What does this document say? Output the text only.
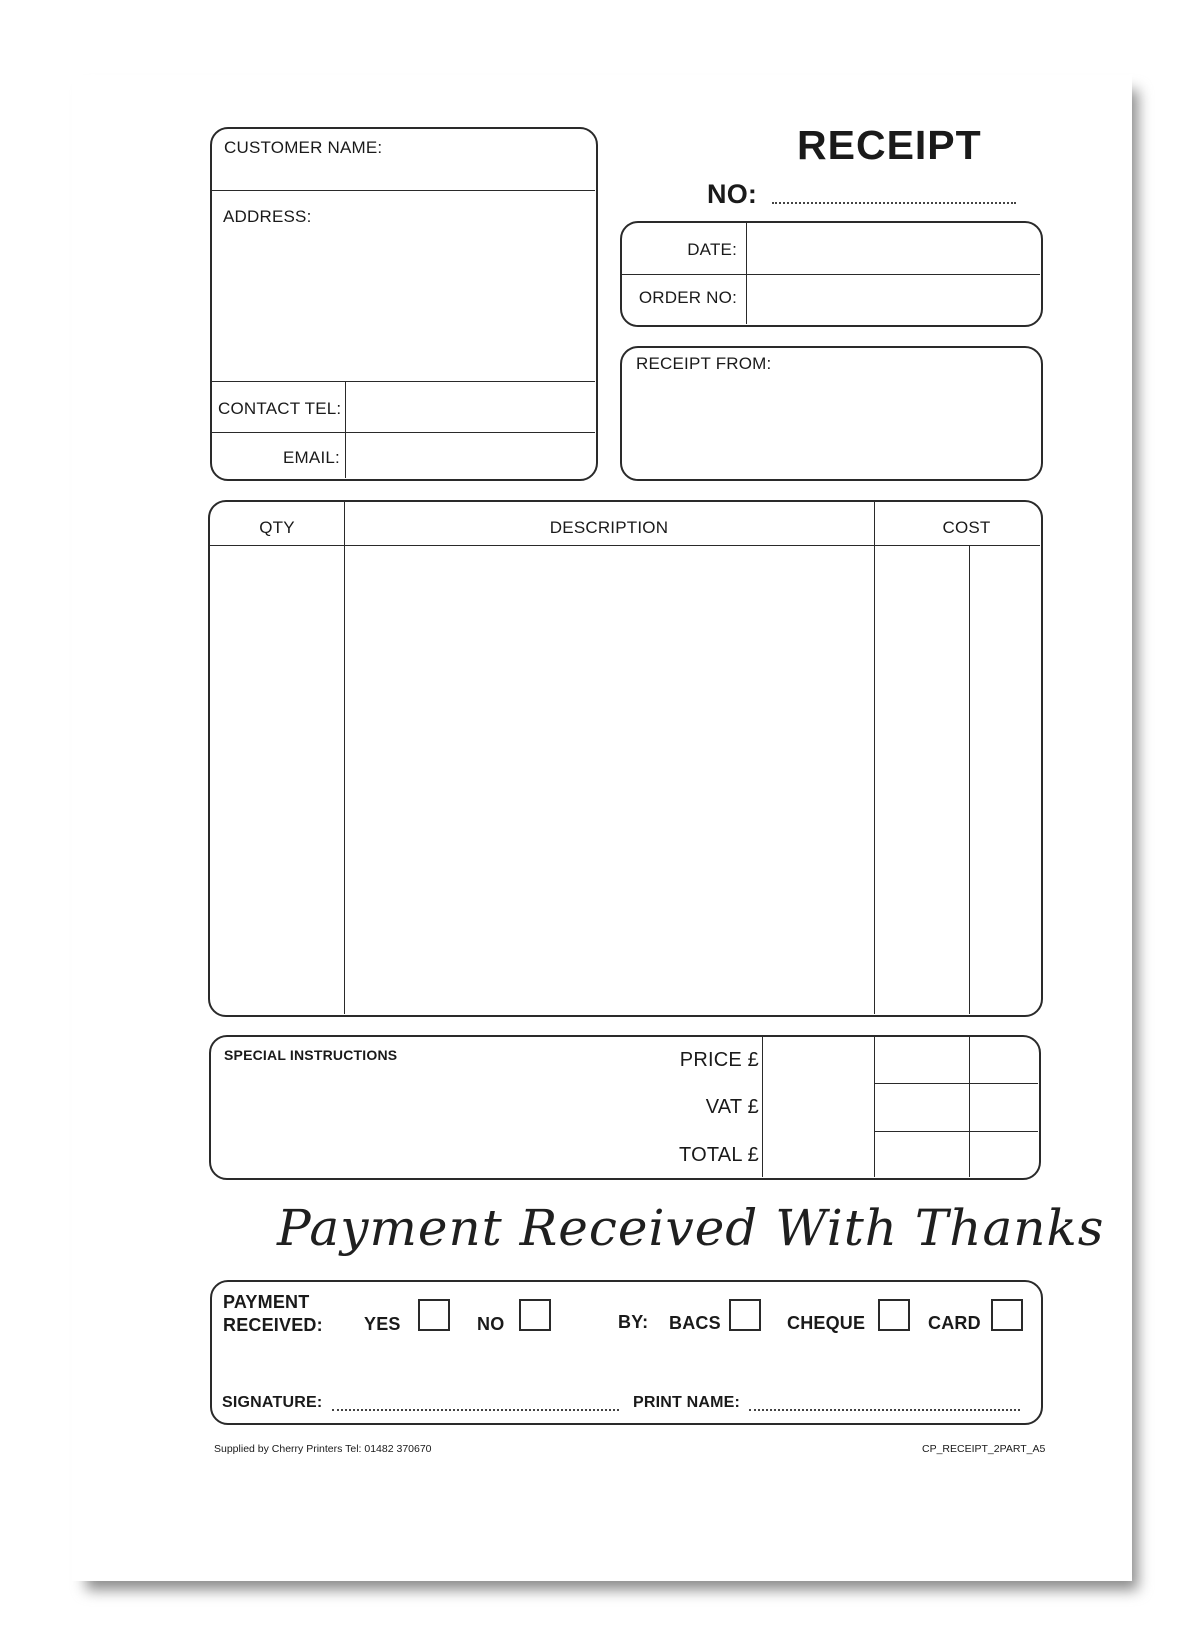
RECEIPT
NO:
CUSTOMER NAME:
ADDRESS:
CONTACT TEL:
EMAIL:
DATE:
ORDER NO:
RECEIPT FROM:
QTY	DESCRIPTION	COST
SPECIAL INSTRUCTIONS	PRICE £
VAT £
TOTAL £
Payment Received With Thanks
PAYMENT
RECEIVED: YES	NO	BY: BACS	CHEQUE	CARD
SIGNATURE:	PRINT NAME:
Supplied by Cherry Printers Tel: 01482 370670	CP_RECEIPT_2PART_A5
